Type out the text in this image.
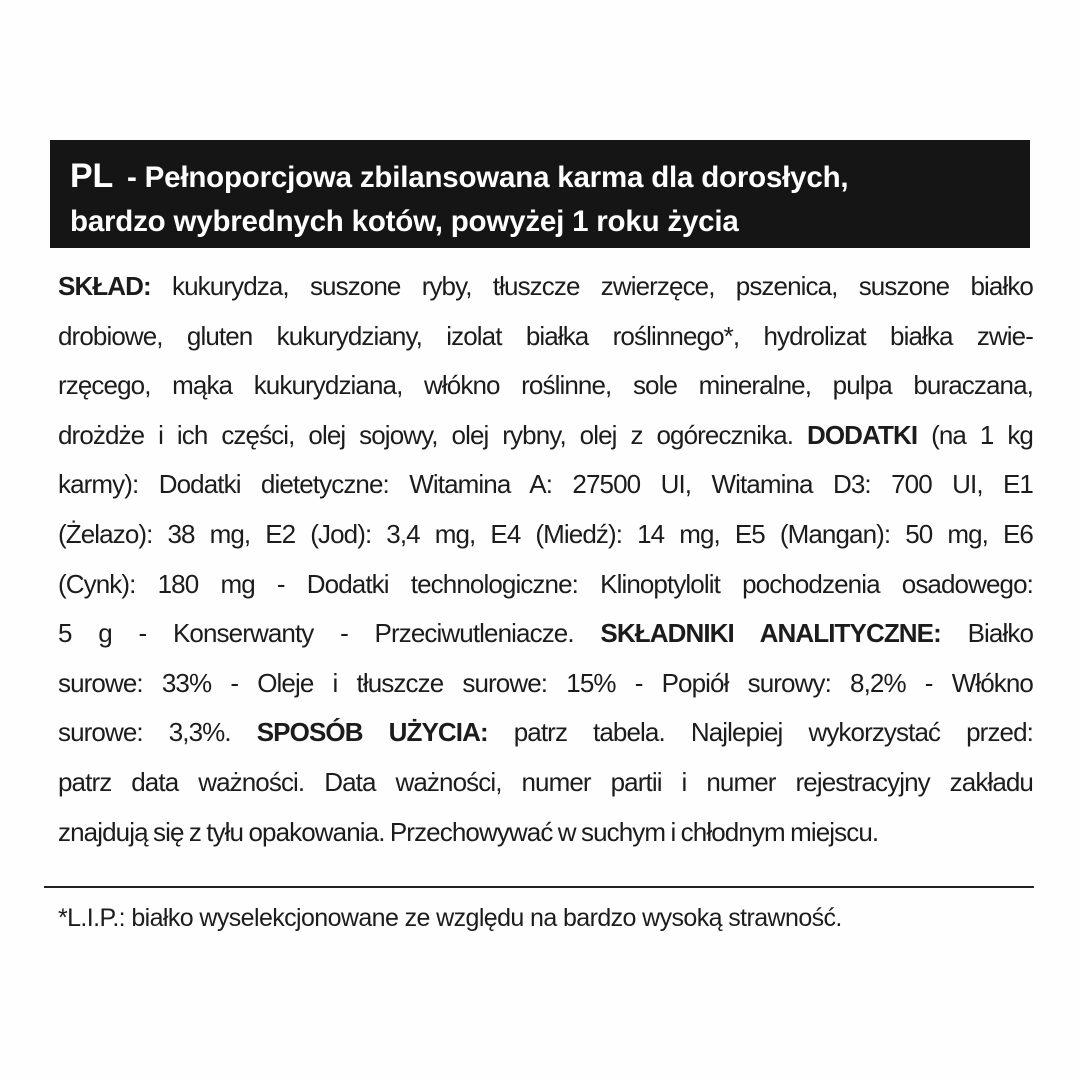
PL - Pełnoporcjowa zbilansowana karma dla dorosłych,
bardzo wybrednych kotów, powyżej 1 roku życia
SKŁAD: kukurydza, suszone ryby, tłuszcze zwierzęce, pszenica, suszone białko
drobiowe, gluten kukurydziany, izolat białka roślinnego*, hydrolizat białka zwie-
rzęcego, mąka kukurydziana, włókno roślinne, sole mineralne, pulpa buraczana,
drożdże i ich części, olej sojowy, olej rybny, olej z ogórecznika. DODATKI (na 1 kg
karmy): Dodatki dietetyczne: Witamina A: 27500 UI, Witamina D3: 700 UI, E1
(Żelazo): 38 mg, E2 (Jod): 3,4 mg, E4 (Miedź): 14 mg, E5 (Mangan): 50 mg, E6
(Cynk): 180 mg - Dodatki technologiczne: Klinoptylolit pochodzenia osadowego:
5 g - Konserwanty - Przeciwutleniacze. SKŁADNIKI ANALITYCZNE: Białko
surowe: 33% - Oleje i tłuszcze surowe: 15% - Popiół surowy: 8,2% - Włókno
surowe: 3,3%. SPOSÓB UŻYCIA: patrz tabela. Najlepiej wykorzystać przed:
patrz data ważności. Data ważności, numer partii i numer rejestracyjny zakładu
znajdują się z tyłu opakowania. Przechowywać w suchym i chłodnym miejscu.
*L.I.P.: białko wyselekcjonowane ze względu na bardzo wysoką strawność.
